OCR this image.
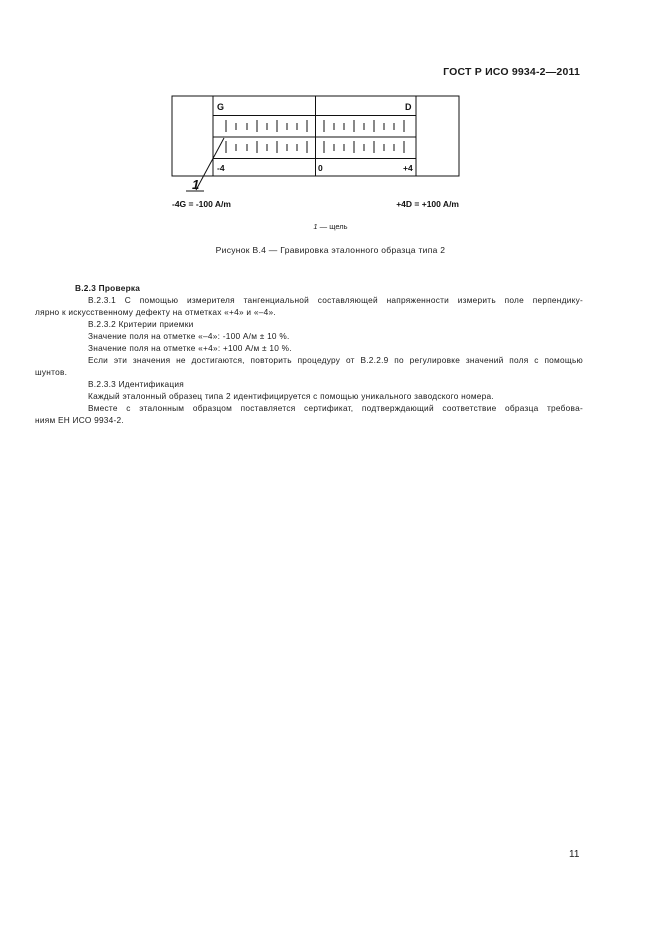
ГОСТ Р ИСО 9934-2—2011
G	D
-4	0	+4
1
-4G = -100 A/m	+4D = +100 A/m
1 — щель
Рисунок В.4 — Гравировка эталонного образца типа 2

В.2.3 Проверка

В.2.3.1 С помощью измерителя тангенциальной составляющей напряженности измерить поле перпендику-

лярно к искусственному дефекту на отметках «+4» и «–4».

В.2.3.2 Критерии приемки

Значение поля на отметке «–4»: -100 А/м ± 10 %.

Значение поля на отметке «+4»: +100 А/м ± 10 %.

Если эти значения не достигаются, повторить процедуру от В.2.2.9 по регулировке значений поля с помощью

шунтов.

В.2.3.3 Идентификация

Каждый эталонный образец типа 2 идентифицируется с помощью уникального заводского номера.

Вместе с эталонным образцом поставляется сертификат, подтверждающий соответствие образца требова-

ниям ЕН ИСО 9934-2.

11
